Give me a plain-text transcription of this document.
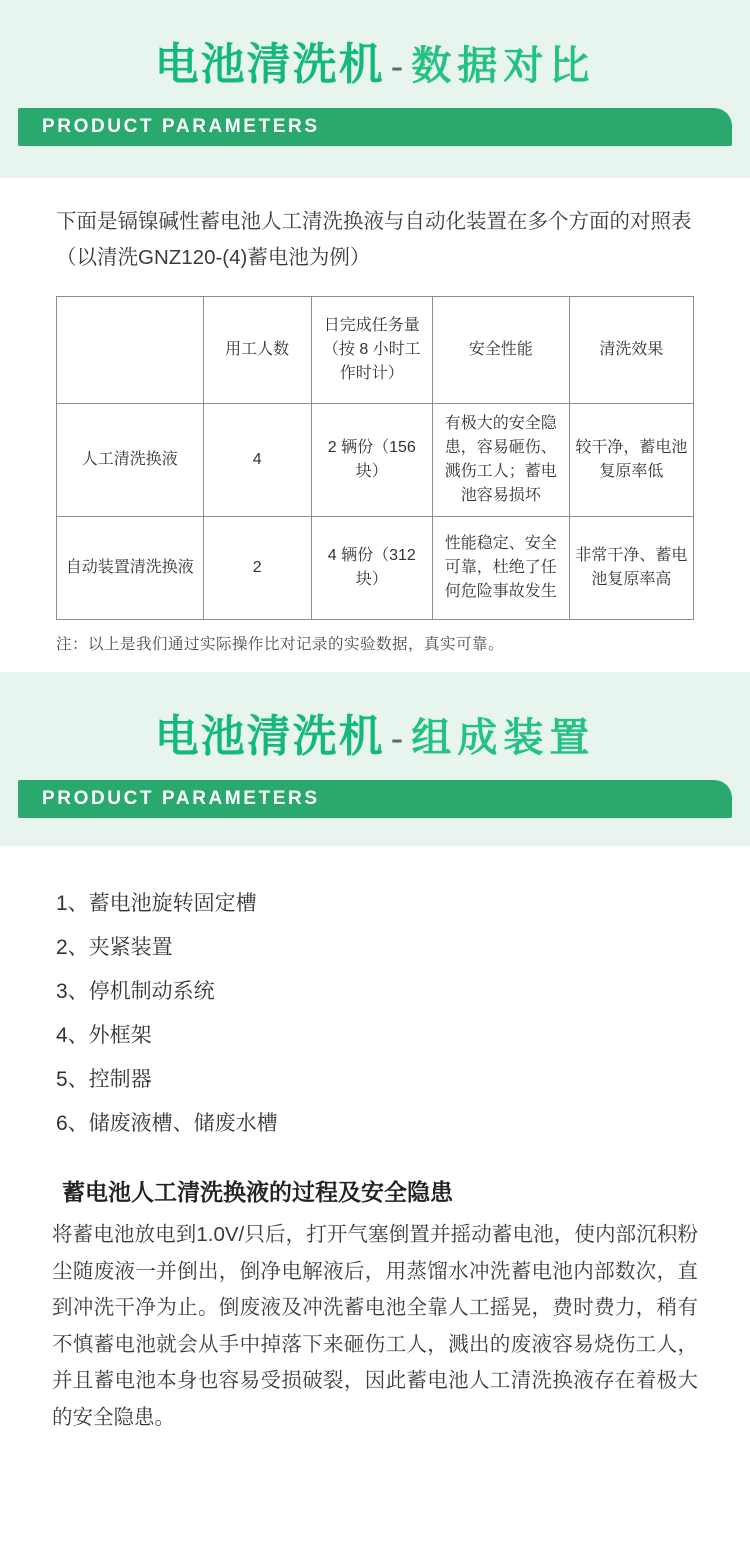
电池清洗机 - 数据对比
PRODUCT PARAMETERS

下面是镉镍碱性蓄电池人工清洗换液与自动化装置在多个方面的对照表（以清洗GNZ120-(4)蓄电池为例）

	用工人数	日完成任务量（按 8 小时工作时计）	安全性能	清洗效果
人工清洗换液	4	2 辆份（156 块）	有极大的安全隐患，容易砸伤、溅伤工人；蓄电池容易损坏	较干净，蓄电池复原率低
自动装置清洗换液	2	4 辆份（312 块）	性能稳定、安全可靠，杜绝了任何危险事故发生	非常干净、蓄电池复原率高
注：以上是我们通过实际操作比对记录的实验数据，真实可靠。
电池清洗机 - 组成装置
PRODUCT PARAMETERS
1、蓄电池旋转固定槽
2、夹紧装置
3、停机制动系统
4、外框架
5、控制器
6、储废液槽、储废水槽
蓄电池人工清洗换液的过程及安全隐患
将蓄电池放电到1.0V/只后，打开气塞倒置并摇动蓄电池，使内部沉积粉尘随废液一并倒出，倒净电解液后，用蒸馏水冲洗蓄电池内部数次，直到冲洗干净为止。倒废液及冲洗蓄电池全靠人工摇晃，费时费力，稍有不慎蓄电池就会从手中掉落下来砸伤工人，溅出的废液容易烧伤工人，并且蓄电池本身也容易受损破裂，因此蓄电池人工清洗换液存在着极大的安全隐患。
